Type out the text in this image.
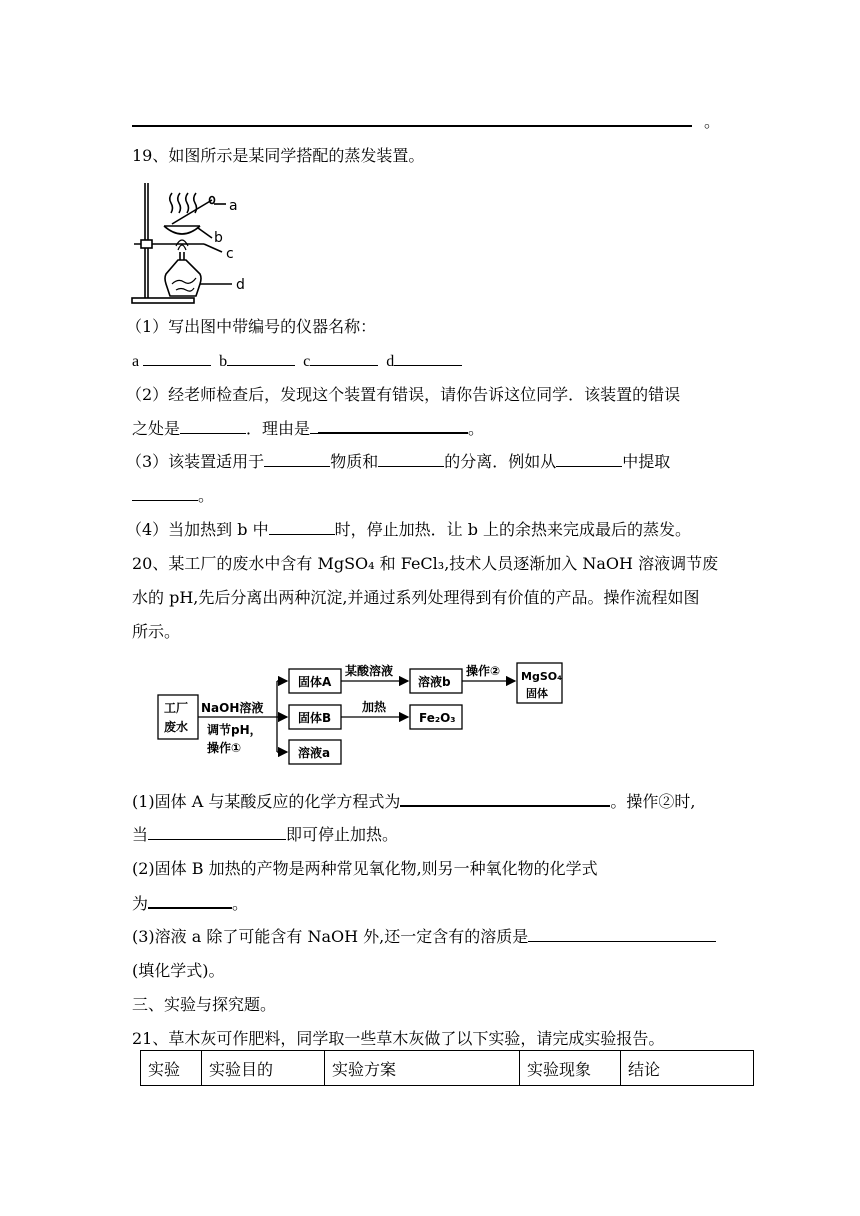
。
19、如图所示是某同学搭配的蒸发装置。
a
b
c
d
（1）写出图中带编号的仪器名称：
a	b	c	d
（2）经老师检查后，发现这个装置有错误，请你告诉这位同学．该装置的错误
之处是	．理由是	。
（3）该装置适用于	物质和	的分离．例如从	中提取
。
（4）当加热到 b 中	时，停止加热．让 b 上的余热来完成最后的蒸发。
20、某工厂的废水中含有 MgSO₄ 和 FeCl₃,技术人员逐渐加入 NaOH 溶液调节废
水的 pH,先后分离出两种沉淀,并通过系列处理得到有价值的产品。操作流程如图
所示。
工厂
废水
NaOH溶液
调节pH，
操作①
固体A
某酸溶液
溶液b
操作② MgSO₄
固体
固体B
加热
Fe₂O₃
溶液a
(1)固体 A 与某酸反应的化学方程式为	。操作②时,
当	即可停止加热。
(2)固体 B 加热的产物是两种常见氧化物,则另一种氧化物的化学式
为	。
(3)溶液 a 除了可能含有 NaOH 外,还一定含有的溶质是
(填化学式)。
三、实验与探究题。
21、草木灰可作肥料，同学取一些草木灰做了以下实验，请完成实验报告。
实验	实验目的	实验方案	实验现象	结论
